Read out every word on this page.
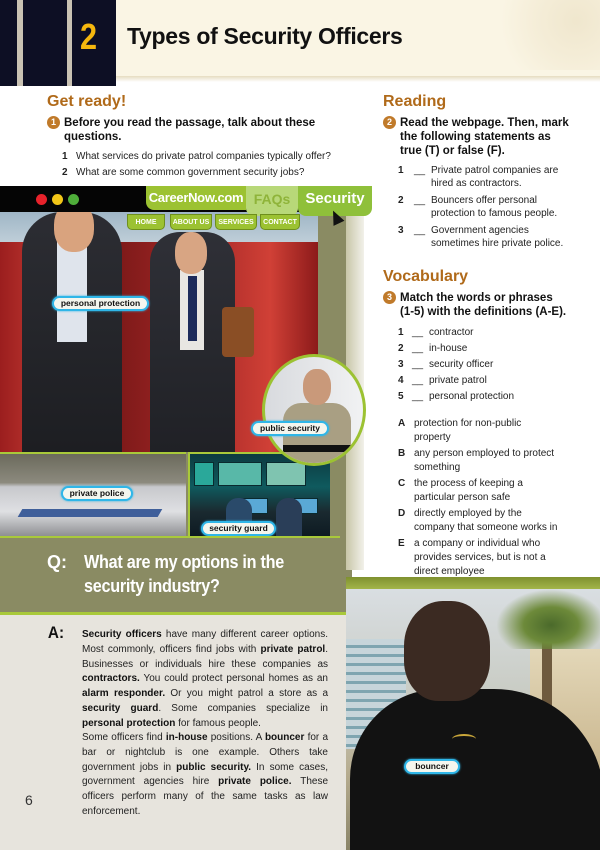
2 Types of Security Officers
Get ready!
1 Before you read the passage, talk about these
questions.
1 What services do private patrol companies typically offer?
2 What are some common government security jobs?
Reading
2 Read the webpage. Then, mark
the following statements as
true (T) or false (F).
1	__ Private patrol companies are
hired as contractors.
2	__ Bouncers offer personal
protection to famous people.
3	__ Government agencies
sometimes hire private police.
Vocabulary
3 Match the words or phrases
(1-5) with the definitions (A-E).
1 __ contractor
2 __ in-house
3 __ security officer
4 __ private patrol
5 __ personal protection
A protection for non-public
property
B any person employed to protect
something
C the process of keeping a
particular person safe
D directly employed by the
company that someone works in
E a company or individual who
provides services, but is not a
direct employee
CareerNow.com FAQs	Security
HOME	ABOUT US	SERVICES	CONTACT
personal protection
public security
private police
security guard
Q: What are my options in the security industry?
A: Security officers have many different career options. Most commonly, officers find jobs with private patrol. Businesses or individuals hire these companies as contractors. You could protect personal homes as an alarm responder. Or you might patrol a store as a security guard. Some companies specialize in personal protection for famous people.
Some officers find in-house positions. A bouncer for a bar or nightclub is one example. Others take government jobs in public security. In some cases, government agencies hire private police. These officers perform many of the same tasks as law enforcement.
6
bouncer
